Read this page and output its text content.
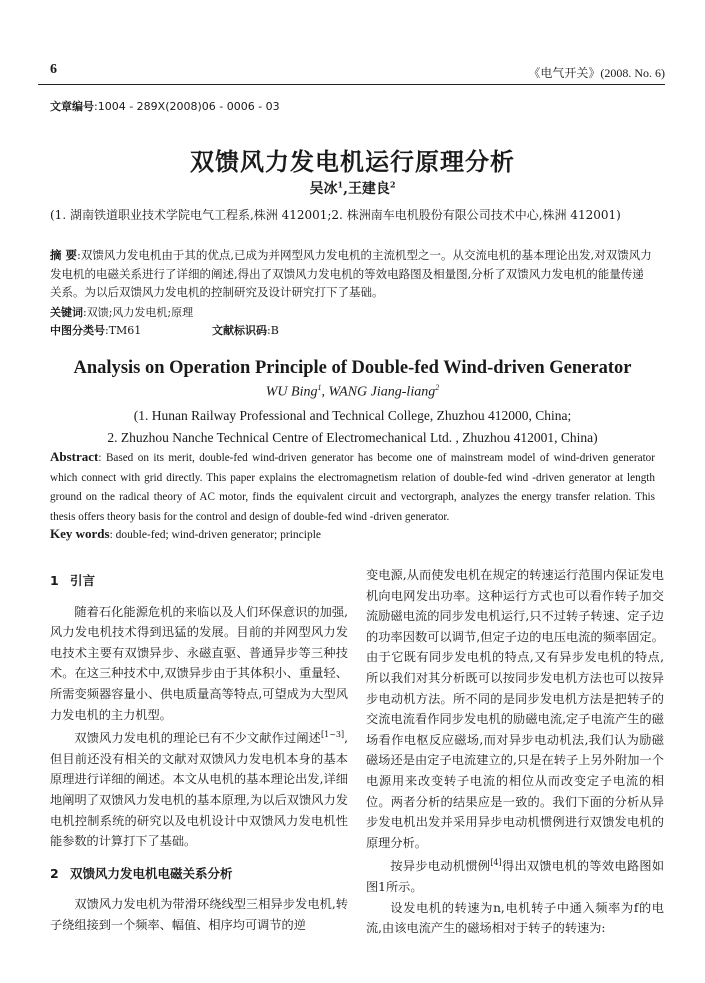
6	《电气开关》(2008. No. 6)
文章编号:1004 - 289X(2008)06 - 0006 - 03
双馈风力发电机运行原理分析
吴冰$^1$,王建良$^2$
(1. 湖南铁道职业技术学院电气工程系,株洲 412001;2. 株洲南车电机股份有限公司技术中心,株洲 412001)
摘 要:双馈风力发电机由于其的优点,已成为并网型风力发电机的主流机型之一。从交流电机的基本理论出发,对双馈风力发电机的电磁关系进行了详细的阐述,得出了双馈风力发电机的等效电路图及相量图,分析了双馈风力发电机的能量传递关系。为以后双馈风力发电机的控制研究及设计研究打下了基础。
关键词:双馈;风力发电机;原理
中图分类号:TM61	文献标识码:B
Analysis on Operation Principle of Double-fed Wind-driven Generator
WU Bing$^1$, WANG Jiang-liang$^2$
(1. Hunan Railway Professional and Technical College, Zhuzhou 412000, China;
2. Zhuzhou Nanche Technical Centre of Electromechanical Ltd. , Zhuzhou 412001, China)
Abstract: Based on its merit, double-fed wind-driven generator has become one of mainstream model of wind-driven generator which connect with grid directly. This paper explains the electromagnetism relation of double-fed wind -driven generator at length ground on the radical theory of AC motor, finds the equivalent circuit and vectorgraph, analyzes the energy transfer relation. This thesis offers theory basis for the control and design of double-fed wind -driven generator.
Key words: double-fed; wind-driven generator; principle
1 引言

随着石化能源危机的来临以及人们环保意识的加强,风力发电机技术得到迅猛的发展。目前的并网型风力发电技术主要有双馈异步、永磁直驱、普通异步等三种技术。在这三种技术中,双馈异步由于其体积小、重量轻、所需变频器容量小、供电质量高等特点,可望成为大型风力发电机的主力机型。

双馈风力发电机的理论已有不少文献作过阐述[1~3],但目前还没有相关的文献对双馈风力发电机本身的基本原理进行详细的阐述。本文从电机的基本理论出发,详细地阐明了双馈风力发电机的基本原理,为以后双馈风力发电机控制系统的研究以及电机设计中双馈风力发电机性能参数的计算打下了基础。

2 双馈风力发电机电磁关系分析

双馈风力发电机为带滑环绕线型三相异步发电机,转子绕组接到一个频率、幅值、相序均可调节的逆

变电源,从而使发电机在规定的转速运行范围内保证发电机向电网发出功率。这种运行方式也可以看作转子加交流励磁电流的同步发电机运行,只不过转子转速、定子边的功率因数可以调节,但定子边的电压电流的频率固定。由于它既有同步发电机的特点,又有异步发电机的特点,所以我们对其分析既可以按同步发电机方法也可以按异步电动机方法。所不同的是同步发电机方法是把转子的交流电流看作同步发电机的励磁电流,定子电流产生的磁场看作电枢反应磁场,而对异步电动机法,我们认为励磁磁场还是由定子电流建立的,只是在转子上另外附加一个电源用来改变转子电流的相位从而改变定子电流的相位。两者分析的结果应是一致的。我们下面的分析从异步发电机出发并采用异步电动机惯例进行双馈发电机的原理分析。

按异步电动机惯例[4]得出双馈电机的等效电路图如图1所示。

设发电机的转速为n,电机转子中通入频率为f的电流,由该电流产生的磁场相对于转子的转速为:
